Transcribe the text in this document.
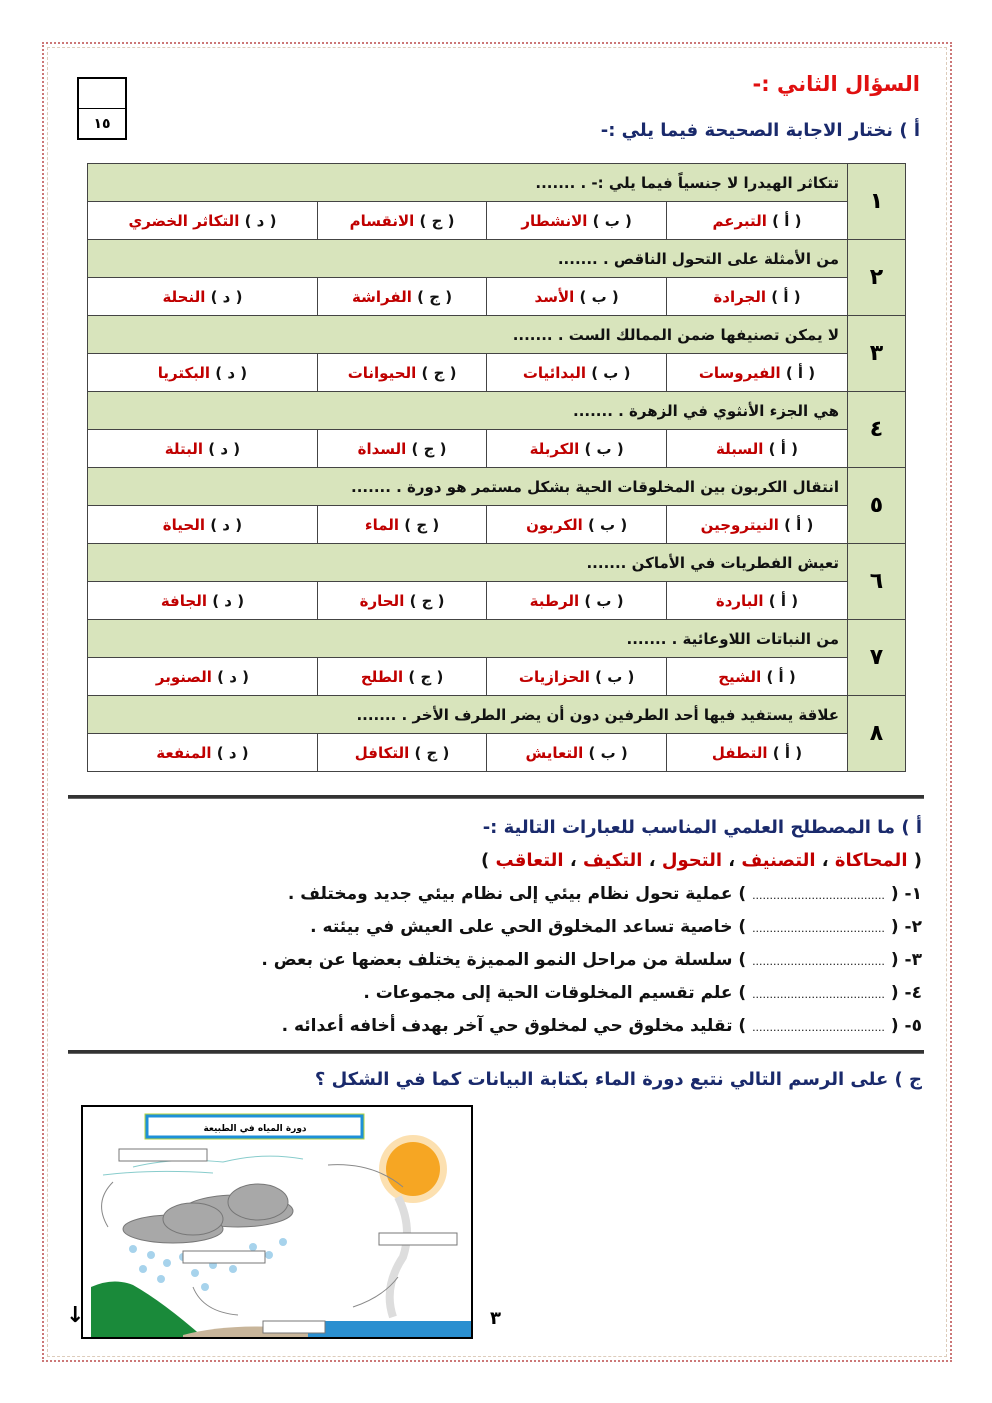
السؤال الثاني :-
١٥	أ ) نختار الاجابة الصحيحة فيما يلي :-
١	تتكاثر الهيدرا لا جنسياً فيما يلي :- . .......			
	( أ ) التبرعم	( ب ) الانشطار	( ج ) الانقسام	( د ) التكاثر الخضري
٢	من الأمثلة على التحول الناقص . .......			
	( أ ) الجرادة	( ب ) الأسد	( ج ) الفراشة	( د ) النحلة
٣	لا يمكن تصنيفها ضمن الممالك الست . .......			
	( أ ) الفيروسات	( ب ) البدائيات	( ج ) الحيوانات	( د ) البكتريا
٤	هي الجزء الأنثوي في الزهرة . .......			
	( أ ) السبلة	( ب ) الكربلة	( ج ) السداة	( د ) البتلة
٥	انتقال الكربون بين المخلوقات الحية بشكل مستمر هو دورة . .......			
	( أ ) النيتروجين	( ب ) الكربون	( ج ) الماء	( د ) الحياة
٦	تعيش الفطريات في الأماكن .......			
	( أ ) الباردة	( ب ) الرطبة	( ج ) الحارة	( د ) الجافة
٧	من النباتات اللاوعائية . .......			
	( أ ) الشيح	( ب ) الحزازيات	( ج ) الطلح	( د ) الصنوبر
٨	علاقة يستفيد فيها أحد الطرفين دون أن يضر الطرف الأخر . .......			
	( أ ) التطفل	( ب ) التعايش	( ج ) التكافل	( د ) المنفعة
أ ) ما المصطلح العلمي المناسب للعبارات التالية :-
( المحاكاة ، التصنيف ، التحول ، التكيف ، التعاقب )
١- ( ...................................... ) عملية تحول نظام بيئي إلى نظام بيئي جديد ومختلف .
٢- ( ...................................... ) خاصية تساعد المخلوق الحي على العيش في بيئته .
٣- ( ...................................... ) سلسلة من مراحل النمو المميزة يختلف بعضها عن بعض .
٤- ( ...................................... ) علم تقسيم المخلوقات الحية إلى مجموعات .
٥- ( ...................................... ) تقليد مخلوق حي لمخلوق حي آخر بهدف أخافه أعدائه .
ج ) على الرسم التالي نتبع دورة الماء بكتابة البيانات كما في الشكل ؟
دورة المياه في الطبيعة
↓	٣
